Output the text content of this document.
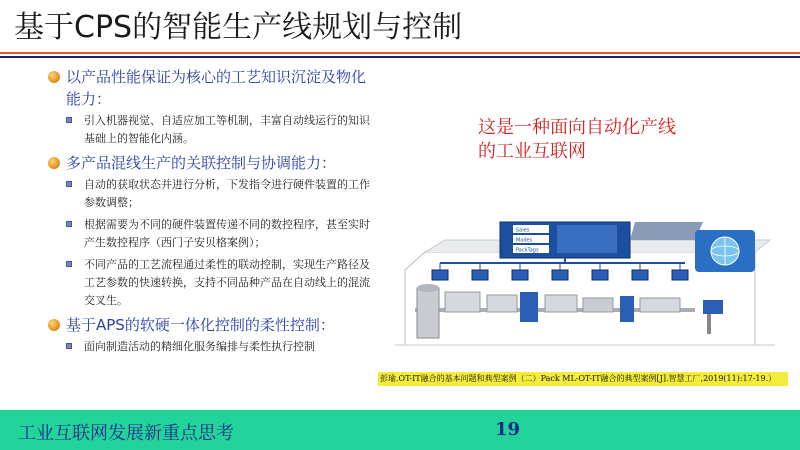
基于CPS的智能生产线规划与控制
以产品性能保证为核心的工艺知识沉淀及物化能力：
引入机器视觉、自适应加工等机制，丰富自动线运行的知识基础上的智能化内涵。
多产品混线生产的关联控制与协调能力：
自动的获取状态并进行分析，下发指令进行硬件装置的工作参数调整；
根据需要为不同的硬件装置传递不同的数控程序，甚至实时产生数控程序（西门子安贝格案例）；
不同产品的工艺流程通过柔性的联动控制，实现生产路径及工艺参数的快速转换，支持不同品种产品在自动线上的混流交叉生。
基于APS的软硬一体化控制的柔性控制：
面向制造活动的精细化服务编排与柔性执行控制
这是一种面向自动化产线的工业互联网
Sales
Modes
PackTags
彭瑜.OT-IT融合的基本问题和典型案例（二）Pack ML-OT-IT融合的典型案例[J].智慧工厂,2019(11):17-19.）
工业互联网发展新重点思考	19
